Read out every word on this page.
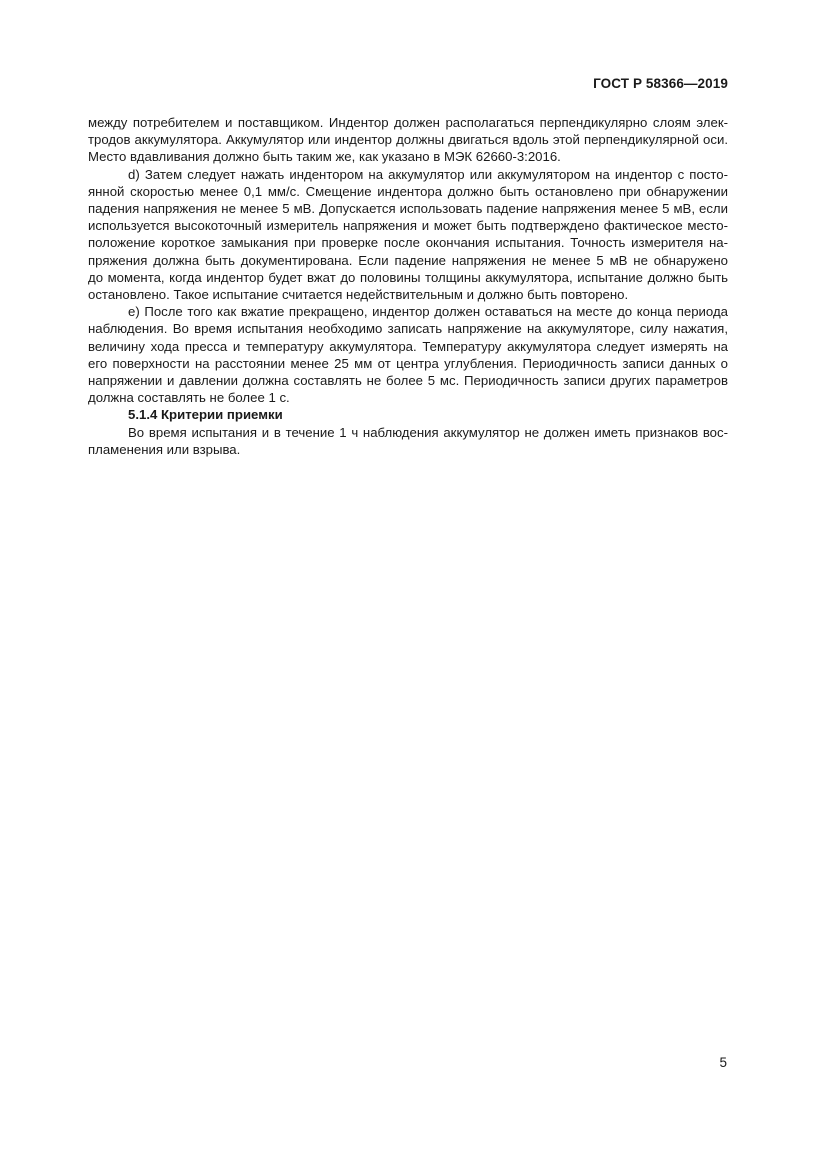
ГОСТ Р 58366—2019
между потребителем и поставщиком. Индентор должен располагаться перпендикулярно слоям элек-
тродов аккумулятора. Аккумулятор или индентор должны двигаться вдоль этой перпендикулярной оси.
Место вдавливания должно быть таким же, как указано в МЭК 62660-3:2016.
d) Затем следует нажать индентором на аккумулятор или аккумулятором на индентор с посто-
янной скоростью менее 0,1 мм/с. Смещение индентора должно быть остановлено при обнаружении
падения напряжения не менее 5 мВ. Допускается использовать падение напряжения менее 5 мВ, если
используется высокоточный измеритель напряжения и может быть подтверждено фактическое место-
положение короткое замыкания при проверке после окончания испытания. Точность измерителя на-
пряжения должна быть документирована. Если падение напряжения не менее 5 мВ не обнаружено
до момента, когда индентор будет вжат до половины толщины аккумулятора, испытание должно быть
остановлено. Такое испытание считается недействительным и должно быть повторено.
e) После того как вжатие прекращено, индентор должен оставаться на месте до конца периода
наблюдения. Во время испытания необходимо записать напряжение на аккумуляторе, силу нажатия,
величину хода пресса и температуру аккумулятора. Температуру аккумулятора следует измерять на
его поверхности на расстоянии менее 25 мм от центра углубления. Периодичность записи данных о
напряжении и давлении должна составлять не более 5 мс. Периодичность записи других параметров
должна составлять не более 1 с.
5.1.4 Критерии приемки
Во время испытания и в течение 1 ч наблюдения аккумулятор не должен иметь признаков вос-
пламенения или взрыва.
5
